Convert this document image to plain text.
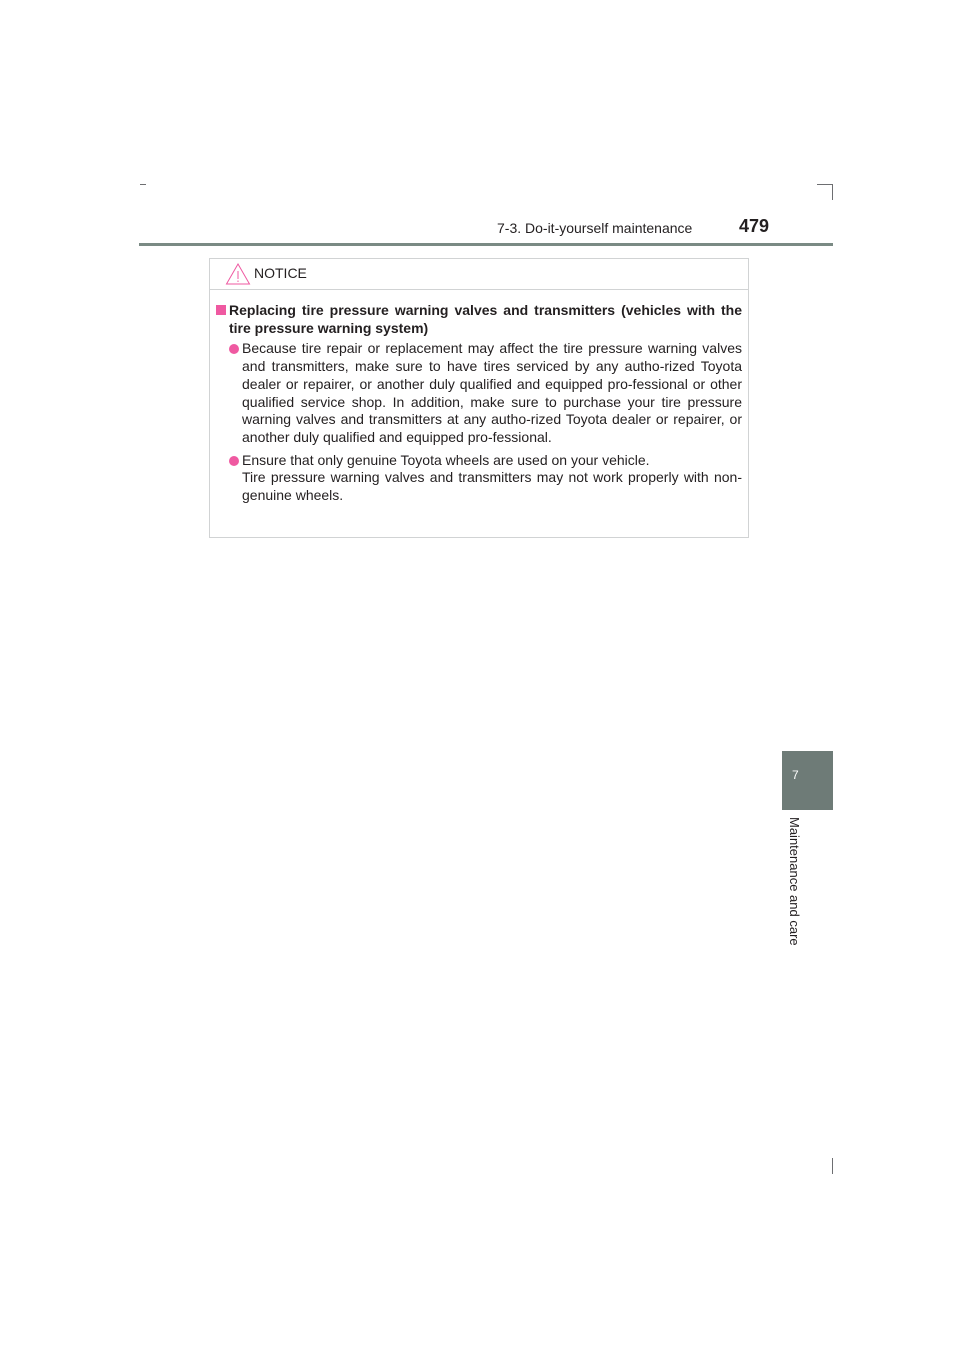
7-3. Do-it-yourself maintenance	479
7
Maintenance and care
NOTICE
Replacing tire pressure warning valves and transmitters (vehicles with the tire pressure warning system)
Because tire repair or replacement may affect the tire pressure warning valves and transmitters, make sure to have tires serviced by any autho-rized Toyota dealer or repairer, or another duly qualified and equipped pro-fessional or other qualified service shop. In addition, make sure to purchase your tire pressure warning valves and transmitters at any autho-rized Toyota dealer or repairer, or another duly qualified and equipped pro-fessional.
Ensure that only genuine Toyota wheels are used on your vehicle.
Tire pressure warning valves and transmitters may not work properly with non-genuine wheels.
